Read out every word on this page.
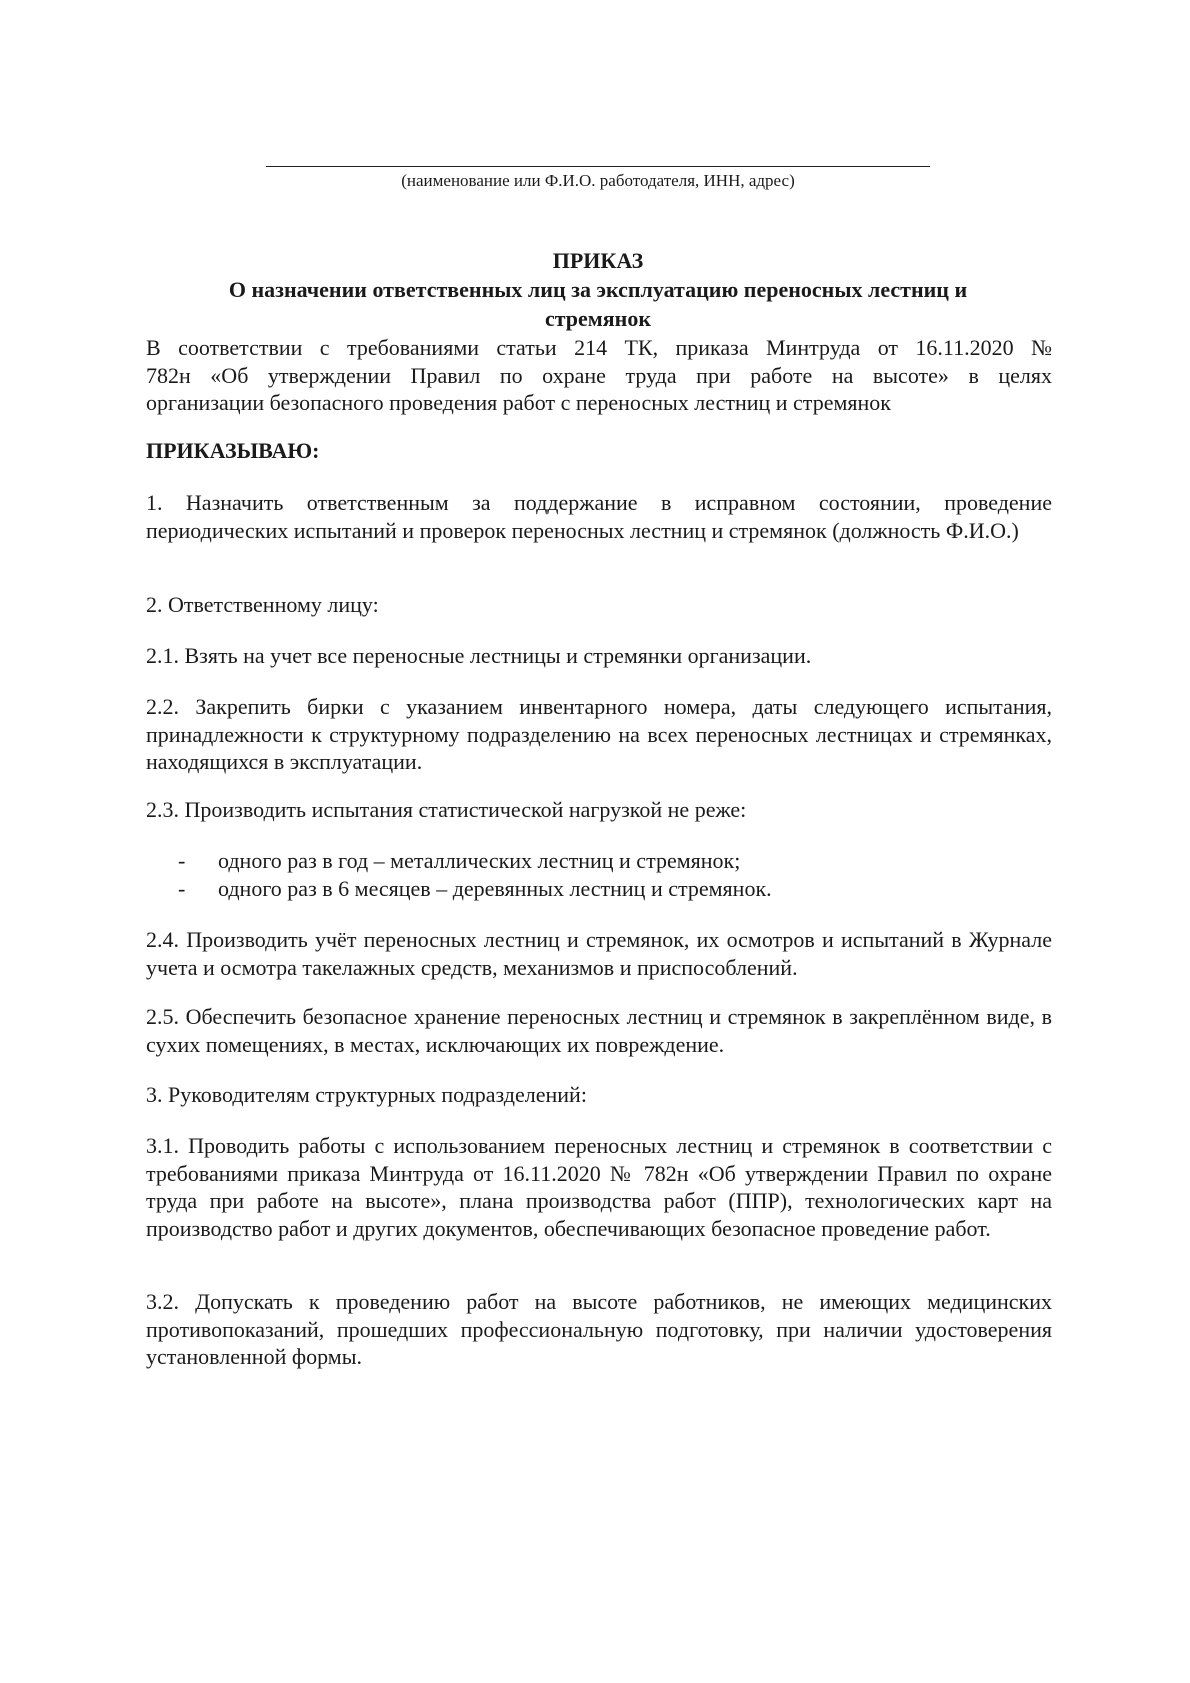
(наименование или Ф.И.О. работодателя, ИНН, адрес)
ПРИКАЗ
О назначении ответственных лиц за эксплуатацию переносных лестниц и
стремянок
В соответствии с требованиями статьи 214 ТК, приказа Минтруда от 16.11.2020 №
782н «Об утверждении Правил по охране труда при работе на высоте» в целях
организации безопасного проведения работ с переносных лестниц и стремянок
ПРИКАЗЫВАЮ:
1. Назначить ответственным за поддержание в исправном состоянии, проведение периодических испытаний и проверок переносных лестниц и стремянок (должность Ф.И.О.)
2. Ответственному лицу:
2.1. Взять на учет все переносные лестницы и стремянки организации.
2.2. Закрепить бирки с указанием инвентарного номера, даты следующего испытания, принадлежности к структурному подразделению на всех переносных лестницах и стремянках, находящихся в эксплуатации.
2.3. Производить испытания статистической нагрузкой не реже:
- одного раз в год – металлических лестниц и стремянок;
- одного раз в 6 месяцев – деревянных лестниц и стремянок.
2.4. Производить учёт переносных лестниц и стремянок, их осмотров и испытаний в Журнале учета и осмотра такелажных средств, механизмов и приспособлений.
2.5. Обеспечить безопасное хранение переносных лестниц и стремянок в закреплённом виде, в сухих помещениях, в местах, исключающих их повреждение.
3. Руководителям структурных подразделений:
3.1. Проводить работы с использованием переносных лестниц и стремянок в соответствии с требованиями приказа Минтруда от 16.11.2020 № 782н «Об утверждении Правил по охране труда при работе на высоте», плана производства работ (ППР), технологических карт на производство работ и других документов, обеспечивающих безопасное проведение работ.
3.2. Допускать к проведению работ на высоте работников, не имеющих медицинских противопоказаний, прошедших профессиональную подготовку, при наличии удостоверения установленной формы.
